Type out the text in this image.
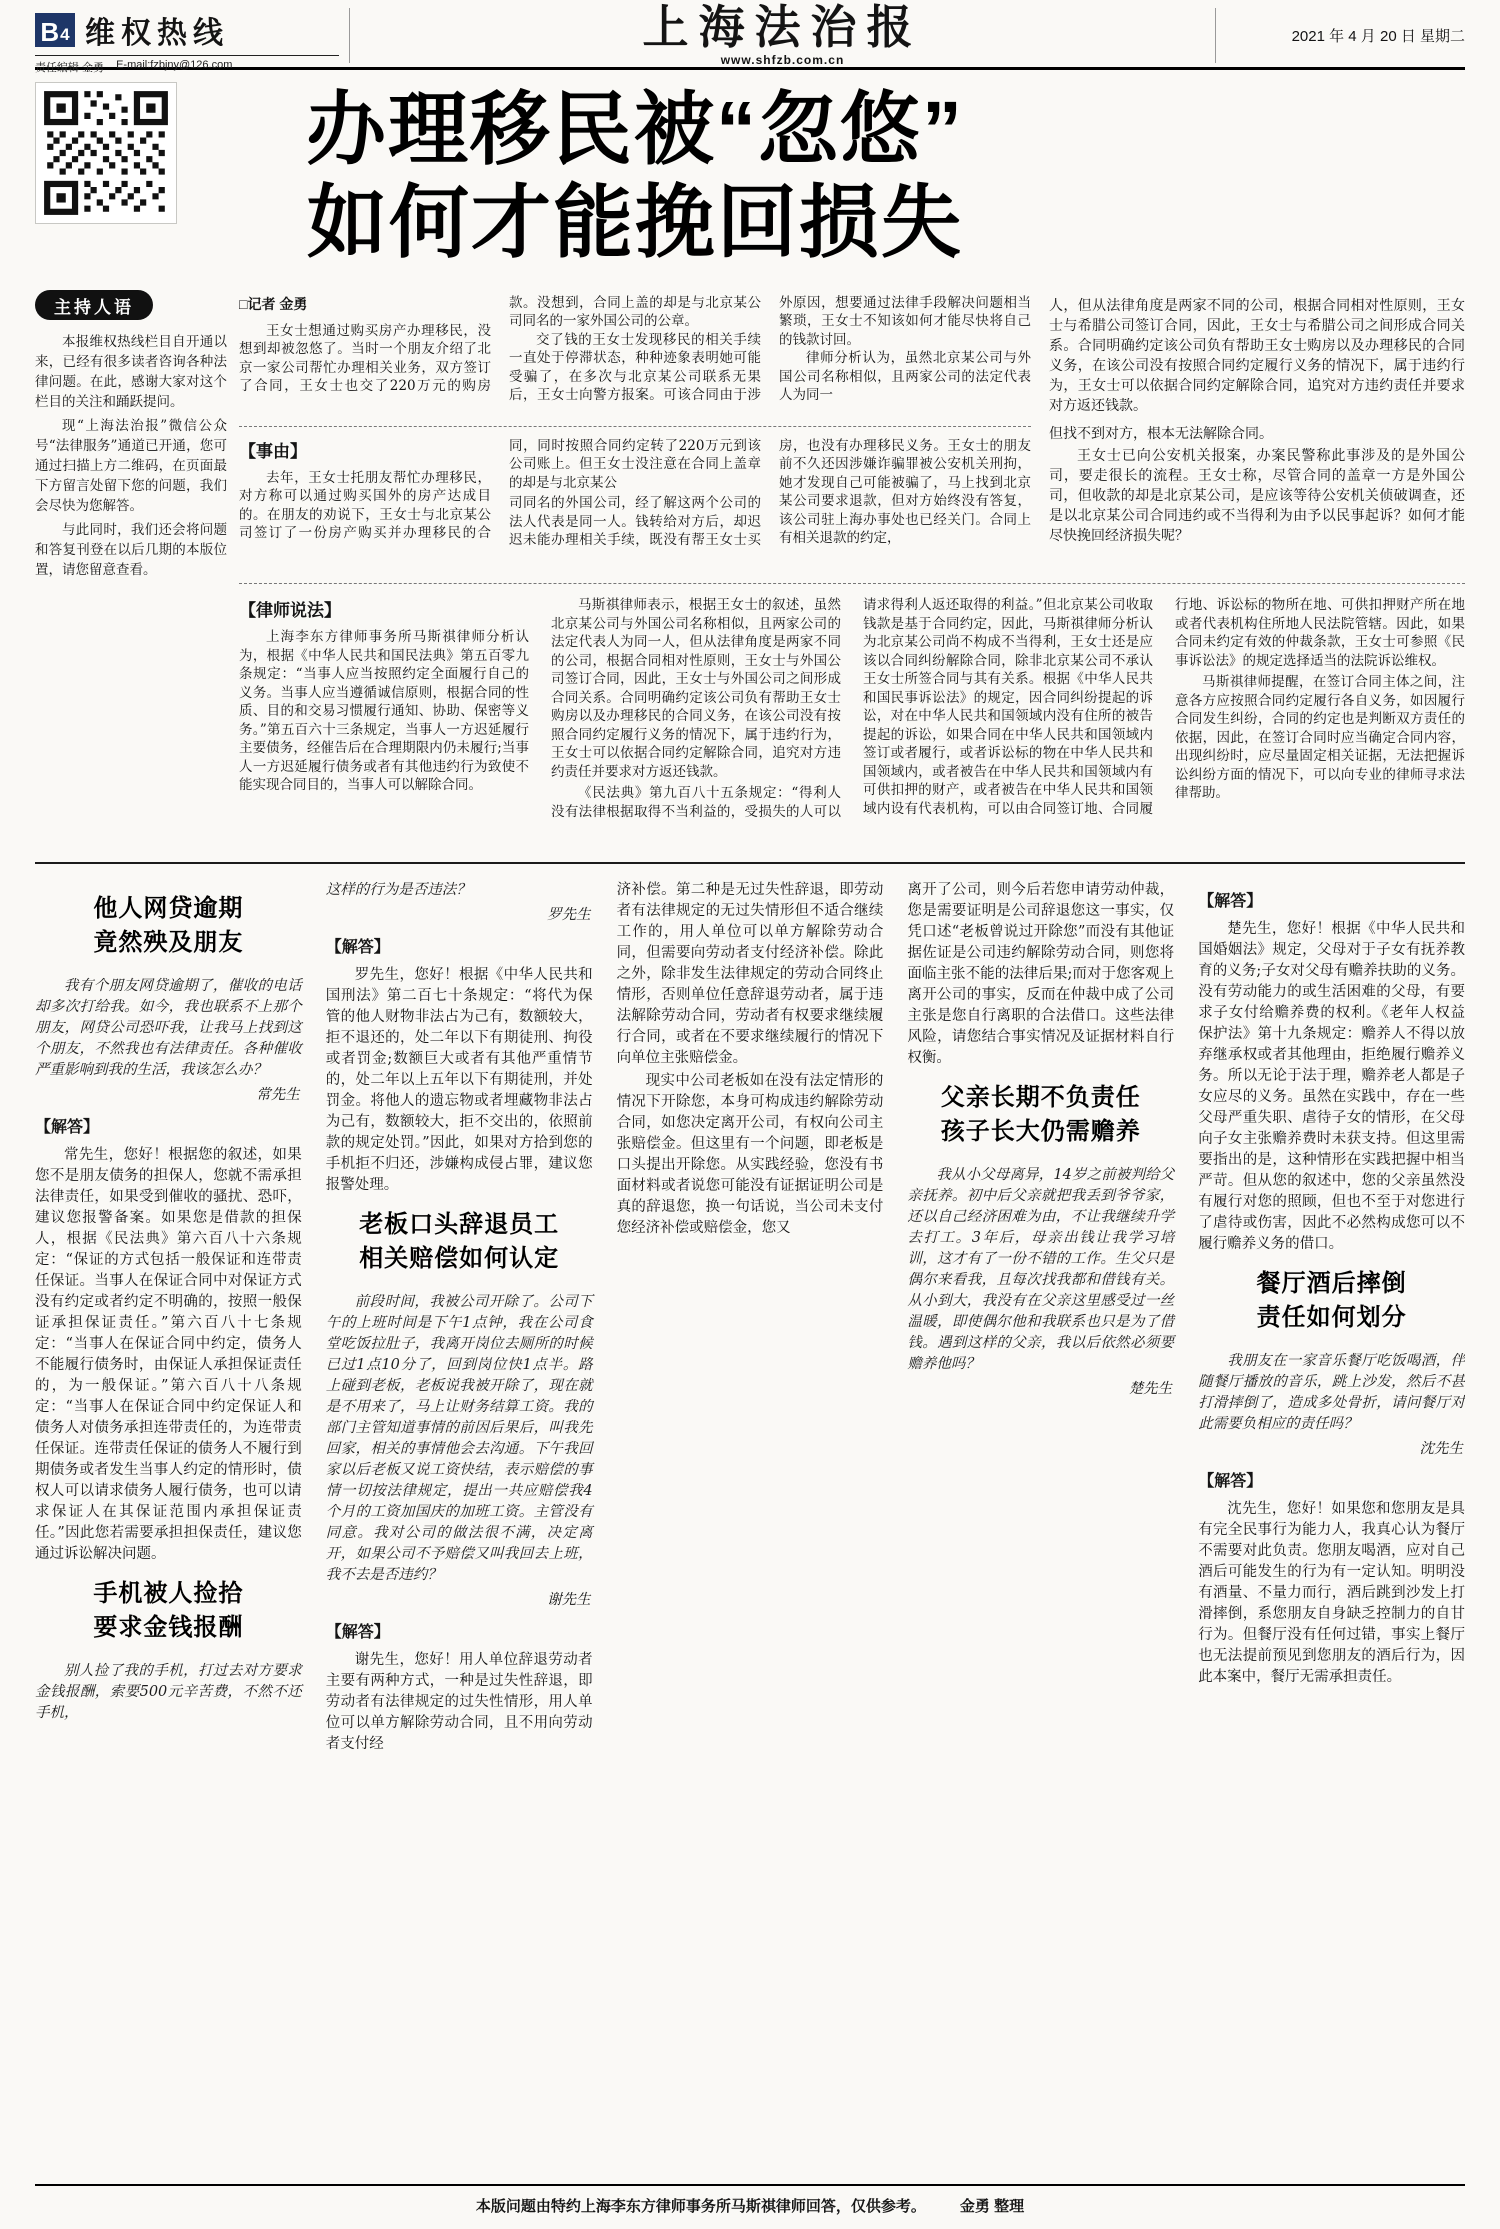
B 4 维权热线
责任编辑 金勇 E-mail:fzbjny@126.com
上海法治报
www.shfzb.com.cn
2021 年 4 月 20 日 星期二
主持人语

本报维权热线栏目自开通以来，已经有很多读者咨询各种法律问题。在此，感谢大家对这个栏目的关注和踊跃提问。

现“上海法治报”微信公众号“法律服务”通道已开通，您可通过扫描上方二维码，在页面最下方留言处留下您的问题，我们会尽快为您解答。

与此同时，我们还会将问题和答复刊登在以后几期的本版位置，请您留意查看。

办理移民被“忽悠”
如何才能挽回损失
□记者 金勇

王女士想通过购买房产办理移民，没想到却被忽悠了。当时一个朋友介绍了北京一家公司帮忙办理相关业务，双方签订了合同，王女士也交了220万元的购房款。没想到，合同上盖的却是与北京某公司同名的一家外国公司的公章。

交了钱的王女士发现移民的相关手续一直处于停滞状态，种种迹象表明她可能受骗了，在多次与北京某公司联系无果后，王女士向警方报案。可该合同由于涉外原因，想要通过法律手段解决问题相当繁琐，王女士不知该如何才能尽快将自己的钱款讨回。

律师分析认为，虽然北京某公司与外国公司名称相似，且两家公司的法定代表人为同一

【事由】

去年，王女士托朋友帮忙办理移民，对方称可以通过购买国外的房产达成目的。在朋友的劝说下，王女士与北京某公司签订了一份房产购买并办理移民的合同，同时按照合同约定转了220万元到该公司账上。但王女士没注意在合同上盖章的却是与北京某公

司同名的外国公司，经了解这两个公司的法人代表是同一人。钱转给对方后，却迟迟未能办理相关手续，既没有帮王女士买房，也没有办理移民义务。王女士的朋友前不久还因涉嫌诈骗罪被公安机关刑拘，她才发现自己可能被骗了，马上找到北京某公司要求退款，但对方始终没有答复，该公司驻上海办事处也已经关门。合同上有相关退款的约定，

人，但从法律角度是两家不同的公司，根据合同相对性原则，王女士与希腊公司签订合同，因此，王女士与希腊公司之间形成合同关系。合同明确约定该公司负有帮助王女士购房以及办理移民的合同义务，在该公司没有按照合同约定履行义务的情况下，属于违约行为，王女士可以依据合同约定解除合同，追究对方违约责任并要求对方返还钱款。

但找不到对方，根本无法解除合同。

王女士已向公安机关报案，办案民警称此事涉及的是外国公司，要走很长的流程。王女士称，尽管合同的盖章一方是外国公司，但收款的却是北京某公司，是应该等待公安机关侦破调查，还是以北京某公司合同违约或不当得利为由予以民事起诉？如何才能尽快挽回经济损失呢？

【律师说法】

上海李东方律师事务所马斯祺律师分析认为，根据《中华人民共和国民法典》第五百零九条规定：“当事人应当按照约定全面履行自己的义务。当事人应当遵循诚信原则，根据合同的性质、目的和交易习惯履行通知、协助、保密等义务。”第五百六十三条规定，当事人一方迟延履行主要债务，经催告后在合理期限内仍未履行;当事人一方迟延履行债务或者有其他违约行为致使不能实现合同目的，当事人可以解除合同。

马斯祺律师表示，根据王女士的叙述，虽然北京某公司与外国公司名称相似，且两家公司的法定代表人为同一人，但从法律角度是两家不同的公司，根据合同相对性原则，王女士与外国公司签订合同，因此，王女士与外国公司之间形成合同关系。合同明确约定该公司负有帮助王女士购房以及办理移民的合同义务，在该公司没有按照合同约定履行义务的情况下，属于违约行为，王女士可以依据合同约定解除合同，追究对方违约责任并要求对方返还钱款。

《民法典》第九百八十五条规定：“得利人没有法律根据取得不当利益的，受损失的人可以请求得利人返还取得的利益。”但北京某公司收取钱款是基于合同约定，因此，马斯祺律师分析认为北京某公司尚不构成不当得利，王女士还是应该以合同纠纷解除合同，除非北京某公司不承认王女士所签合同与其有关系。根据《中华人民共和国民事诉讼法》的规定，因合同纠纷提起的诉讼，对在中华人民共和国领域内没有住所的被告提起的诉讼，如果合同在中华人民共和国领域内签订或者履行，或者诉讼标的物在中华人民共和国领域内，或者被告在中华人民共和国领域内有可供扣押的财产，或者被告在中华人民共和国领域内设有代表机构，可以由合同签订地、合同履行地、诉讼标的物所在地、可供扣押财产所在地或者代表机构住所地人民法院管辖。因此，如果合同未约定有效的仲裁条款，王女士可参照《民事诉讼法》的规定选择适当的法院诉讼维权。

马斯祺律师提醒，在签订合同主体之间，注意各方应按照合同约定履行各自义务，如因履行合同发生纠纷，合同的约定也是判断双方责任的依据，因此，在签订合同时应当确定合同内容，出现纠纷时，应尽量固定相关证据，无法把握诉讼纠纷方面的情况下，可以向专业的律师寻求法律帮助。

他人网贷逾期
竟然殃及朋友

我有个朋友网贷逾期了，催收的电话却多次打给我。如今，我也联系不上那个朋友，网贷公司恐吓我，让我马上找到这个朋友，不然我也有法律责任。各种催收严重影响到我的生活，我该怎么办？

常先生
【解答】

常先生，您好！根据您的叙述，如果您不是朋友债务的担保人，您就不需承担法律责任，如果受到催收的骚扰、恐吓，建议您报警备案。如果您是借款的担保人，根据《民法典》第六百八十六条规定：“保证的方式包括一般保证和连带责任保证。当事人在保证合同中对保证方式没有约定或者约定不明确的，按照一般保证承担保证责任。”第六百八十七条规定：“当事人在保证合同中约定，债务人不能履行债务时，由保证人承担保证责任的，为一般保证。”第六百八十八条规定：“当事人在保证合同中约定保证人和债务人对债务承担连带责任的，为连带责任保证。连带责任保证的债务人不履行到期债务或者发生当事人约定的情形时，债权人可以请求债务人履行债务，也可以请求保证人在其保证范围内承担保证责任。”因此您若需要承担担保责任，建议您通过诉讼解决问题。

手机被人捡拾
要求金钱报酬

别人捡了我的手机，打过去对方要求金钱报酬，索要500元辛苦费，不然不还手机，

这样的行为是否违法？

罗先生
【解答】

罗先生，您好！根据《中华人民共和国刑法》第二百七十条规定：“将代为保管的他人财物非法占为己有，数额较大，拒不退还的，处二年以下有期徒刑、拘役或者罚金;数额巨大或者有其他严重情节的，处二年以上五年以下有期徒刑，并处罚金。将他人的遗忘物或者埋藏物非法占为己有，数额较大，拒不交出的，依照前款的规定处罚。”因此，如果对方拾到您的手机拒不归还，涉嫌构成侵占罪，建议您报警处理。

老板口头辞退员工
相关赔偿如何认定

前段时间，我被公司开除了。公司下午的上班时间是下午1点钟，我在公司食堂吃饭拉肚子，我离开岗位去厕所的时候已过1点10分了，回到岗位快1点半。路上碰到老板，老板说我被开除了，现在就是不用来了，马上让财务结算工资。我的部门主管知道事情的前因后果后，叫我先回家，相关的事情他会去沟通。下午我回家以后老板又说工资快结，表示赔偿的事情一切按法律规定，提出一共应赔偿我4个月的工资加国庆的加班工资。主管没有同意。我对公司的做法很不满，决定离开，如果公司不予赔偿又叫我回去上班，我不去是否违约？

谢先生
【解答】

谢先生，您好！用人单位辞退劳动者主要有两种方式，一种是过失性辞退，即劳动者有法律规定的过失性情形，用人单位可以单方解除劳动合同，且不用向劳动者支付经

济补偿。第二种是无过失性辞退，即劳动者有法律规定的无过失情形但不适合继续工作的，用人单位可以单方解除劳动合同，但需要向劳动者支付经济补偿。除此之外，除非发生法律规定的劳动合同终止情形，否则单位任意辞退劳动者，属于违法解除劳动合同，劳动者有权要求继续履行合同，或者在不要求继续履行的情况下向单位主张赔偿金。

现实中公司老板如在没有法定情形的情况下开除您，本身可构成违约解除劳动合同，如您决定离开公司，有权向公司主张赔偿金。但这里有一个问题，即老板是口头提出开除您。从实践经验，您没有书面材料或者说您可能没有证据证明公司是真的辞退您，换一句话说，当公司未支付您经济补偿或赔偿金，您又

离开了公司，则今后若您申请劳动仲裁，您是需要证明是公司辞退您这一事实，仅凭口述“老板曾说过开除您”而没有其他证据佐证是公司违约解除劳动合同，则您将面临主张不能的法律后果;而对于您客观上离开公司的事实，反而在仲裁中成了公司主张是您自行离职的合法借口。这些法律风险，请您结合事实情况及证据材料自行权衡。

父亲长期不负责任
孩子长大仍需赡养

我从小父母离异，14岁之前被判给父亲抚养。初中后父亲就把我丢到爷爷家，还以自己经济困难为由，不让我继续升学去打工。3年后，母亲出钱让我学习培训，这才有了一份不错的工作。生父只是偶尔来看我，且每次找我都和借钱有关。从小到大，我没有在父亲这里感受过一丝温暖，即使偶尔他和我联系也只是为了借钱。遇到这样的父亲，我以后依然必须要赡养他吗？

楚先生
【解答】

楚先生，您好！根据《中华人民共和国婚姻法》规定，父母对于子女有抚养教育的义务;子女对父母有赡养扶助的义务。没有劳动能力的或生活困难的父母，有要求子女付给赡养费的权利。《老年人权益保护法》第十九条规定：赡养人不得以放弃继承权或者其他理由，拒绝履行赡养义务。所以无论于法于理，赡养老人都是子女应尽的义务。虽然在实践中，存在一些父母严重失职、虐待子女的情形，在父母向子女主张赡养费时未获支持。但这里需要指出的是，这种情形在实践把握中相当严苛。但从您的叙述中，您的父亲虽然没有履行对您的照顾，但也不至于对您进行了虐待或伤害，因此不必然构成您可以不履行赡养义务的借口。

餐厅酒后摔倒
责任如何划分

我朋友在一家音乐餐厅吃饭喝酒，伴随餐厅播放的音乐，跳上沙发，然后不甚打滑摔倒了，造成多处骨折，请问餐厅对此需要负相应的责任吗？

沈先生
【解答】

沈先生，您好！如果您和您朋友是具有完全民事行为能力人，我真心认为餐厅不需要对此负责。您朋友喝酒，应对自己酒后可能发生的行为有一定认知。明明没有酒量、不量力而行，酒后跳到沙发上打滑摔倒，系您朋友自身缺乏控制力的自甘行为。但餐厅没有任何过错，事实上餐厅也无法提前预见到您朋友的酒后行为，因此本案中，餐厅无需承担责任。

本版问题由特约上海李东方律师事务所马斯祺律师回答，仅供参考。 金勇 整理
